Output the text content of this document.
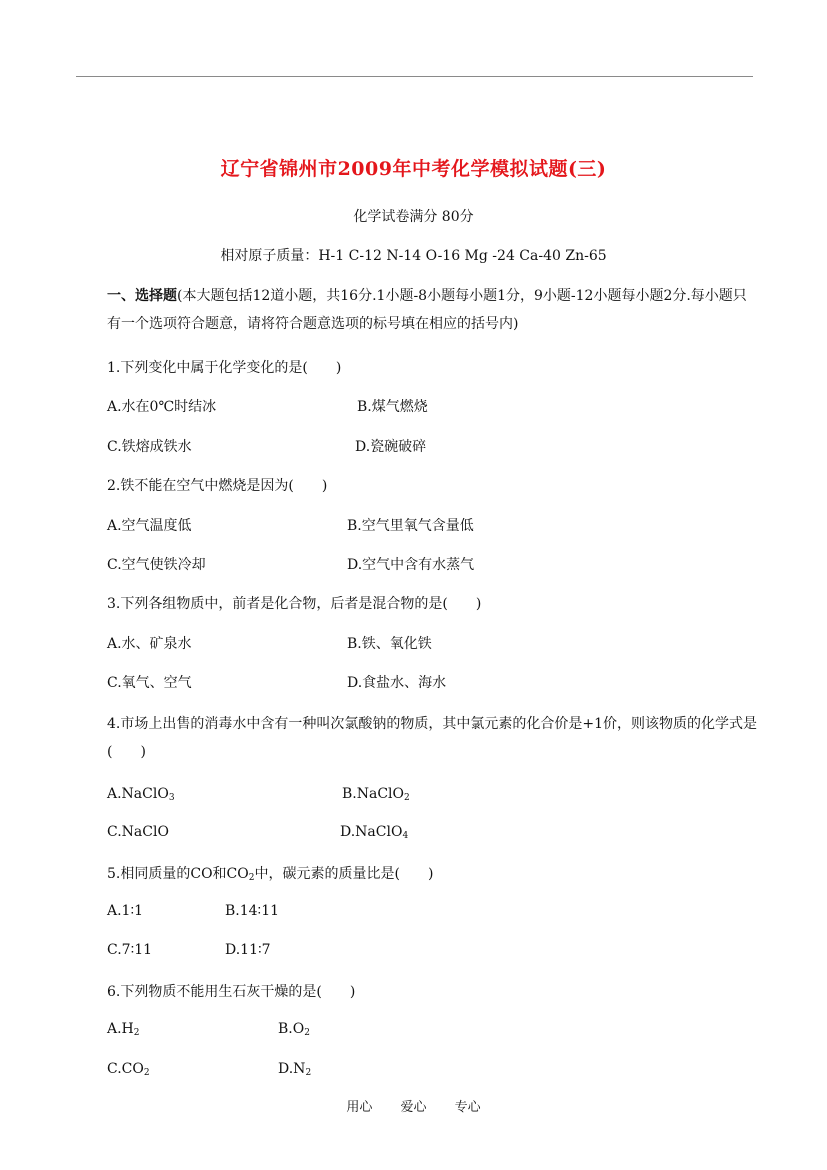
辽宁省锦州市2009年中考化学模拟试题(三)
化学试卷满分 80分
相对原子质量：H-1 C-12 N-14 O-16 Mg -24 Ca-40 Zn-65
一、选择题(本大题包括12道小题，共16分.1小题-8小题每小题1分，9小题-12小题每小题2分.每小题只有一个选项符合题意，请将符合题意选项的标号填在相应的括号内)
1.下列变化中属于化学变化的是(　　)
A.水在0℃时结冰	B.煤气燃烧
C.铁熔成铁水	D.瓷碗破碎
2.铁不能在空气中燃烧是因为(　　)
A.空气温度低	B.空气里氧气含量低
C.空气使铁冷却	D.空气中含有水蒸气
3.下列各组物质中，前者是化合物，后者是混合物的是(　　)
A.水、矿泉水	B.铁、氧化铁
C.氧气、空气	D.食盐水、海水
4.市场上出售的消毒水中含有一种叫次氯酸钠的物质，其中氯元素的化合价是+1价，则该物质的化学式是(　　)
A.NaClO$_3$	B.NaClO$_2$
C.NaClO	D.NaClO$_4$
5.相同质量的CO和$CO_2$中，碳元素的质量比是(　　)
A.1∶1	B.14∶11
C.7∶11	D.11∶7
6.下列物质不能用生石灰干燥的是(　　)
$A.H_2$	$B.O_2$
$C.CO_2$	$D.N_2$
用心 爱心 专心
